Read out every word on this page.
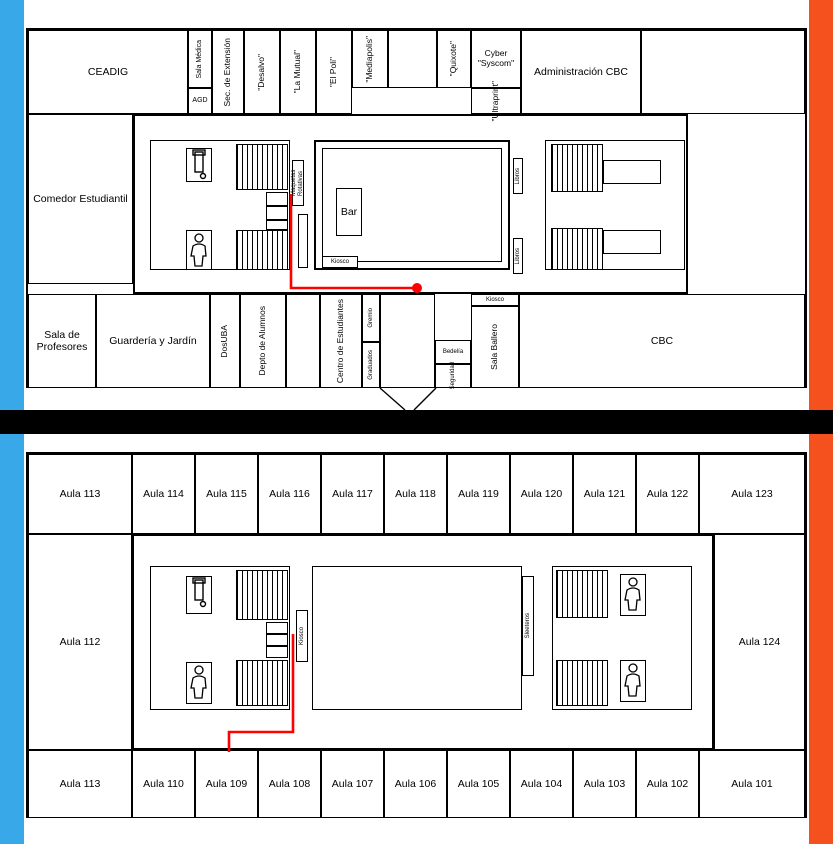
CEADIG	Sala Médica
AGD Sec. de Extensión	"Desalvo"	"La Mutual"	"El Poli"	"Mediapolis"	"Quixote"	Cyber "Syscom"
"Ultraprint"
Administración CBC
Comedor Estudiantil
Maquetas Rotativas	Libros
Libros
Bar
Kiosco
Sala de Profesores
Guardería y Jardín	DosUBA	Depto de Alumnos	Centro de Estudiantes	Gremio
Graduados	Bedelía
Seguridad
Sala Ballero
Kiosco
CBC
Aula 113	Aula 114 Aula 115 Aula 116 Aula 117 Aula 118 Aula 119 Aula 120 Aula 121 Aula 122	Aula 123
Aula 112	Aula 124
Kiosco	Sleeteros
Aula 113	Aula 110 Aula 109 Aula 108 Aula 107 Aula 106 Aula 105 Aula 104 Aula 103 Aula 102	Aula 101
